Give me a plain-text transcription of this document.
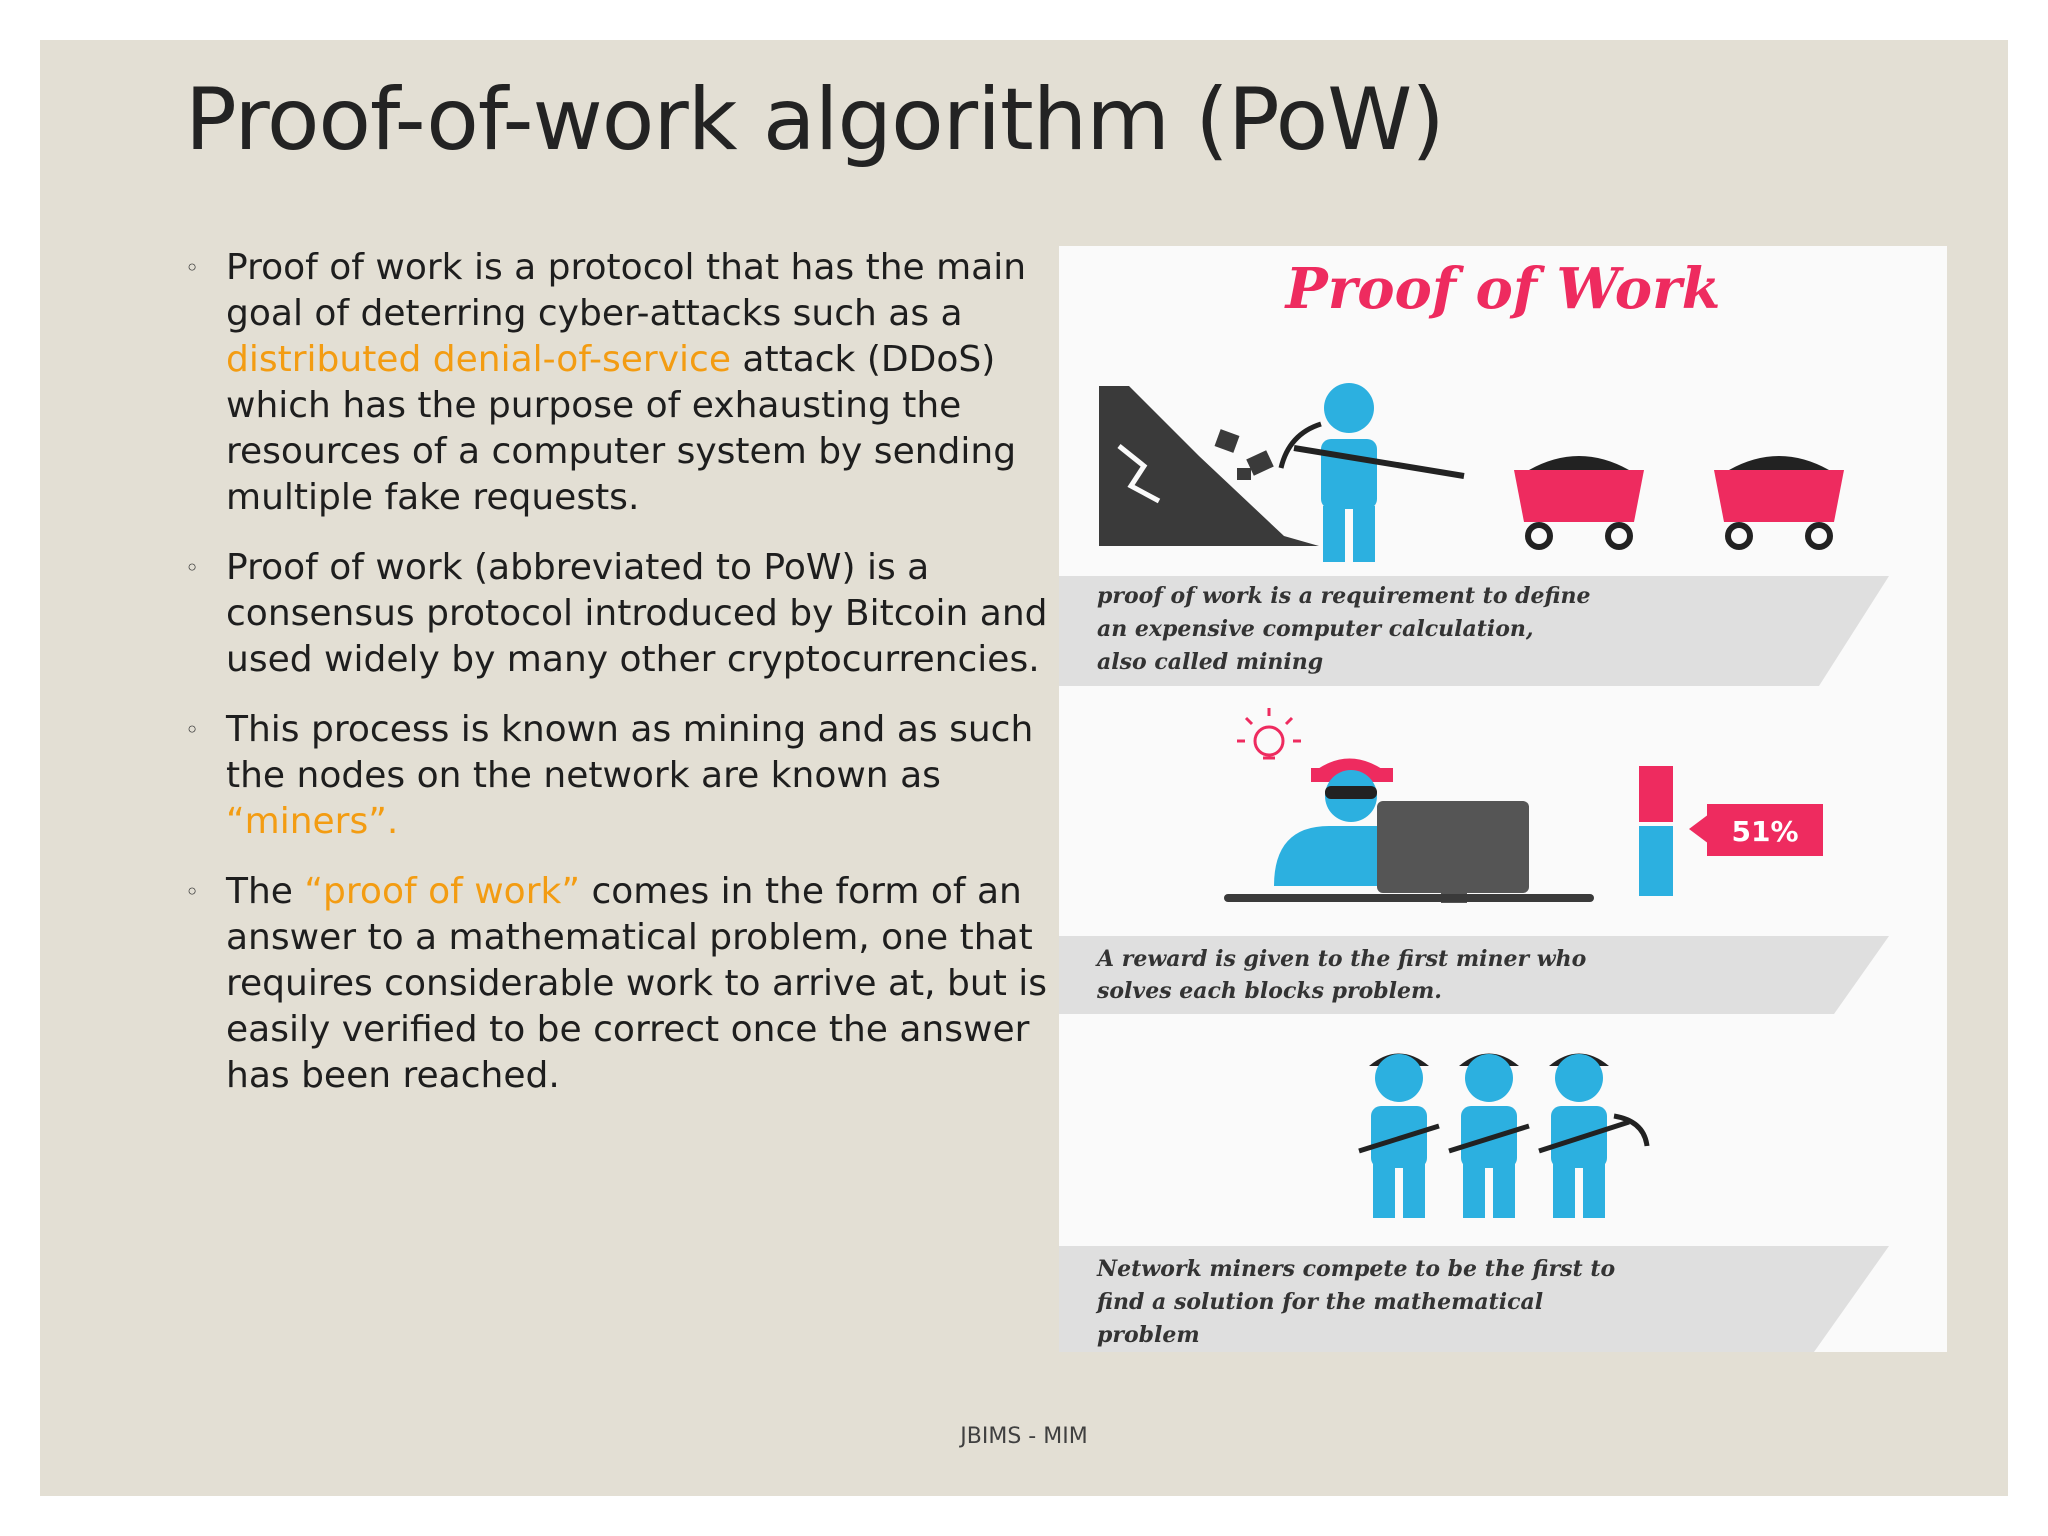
Proof-of-work algorithm (PoW)
◦ Proof of work is a protocol that has the main goal of deterring cyber-attacks such as a distributed denial-of-service attack (DDoS) which has the purpose of exhausting the resources of a computer system by sending multiple fake requests.
◦ Proof of work (abbreviated to PoW) is a consensus protocol introduced by Bitcoin and used widely by many other cryptocurrencies.
◦ This process is known as mining and as such the nodes on the network are known as “miners”.
◦ The “proof of work” comes in the form of an answer to a mathematical problem, one that requires considerable work to arrive at, but is easily verified to be correct once the answer has been reached.
Proof of Work
proof of work is a requirement to define
an expensive computer calculation,
also called mining
51%
A reward is given to the first miner who
solves each blocks problem.
Network miners compete to be the first to
find a solution for the mathematical
problem
JBIMS - MIM
